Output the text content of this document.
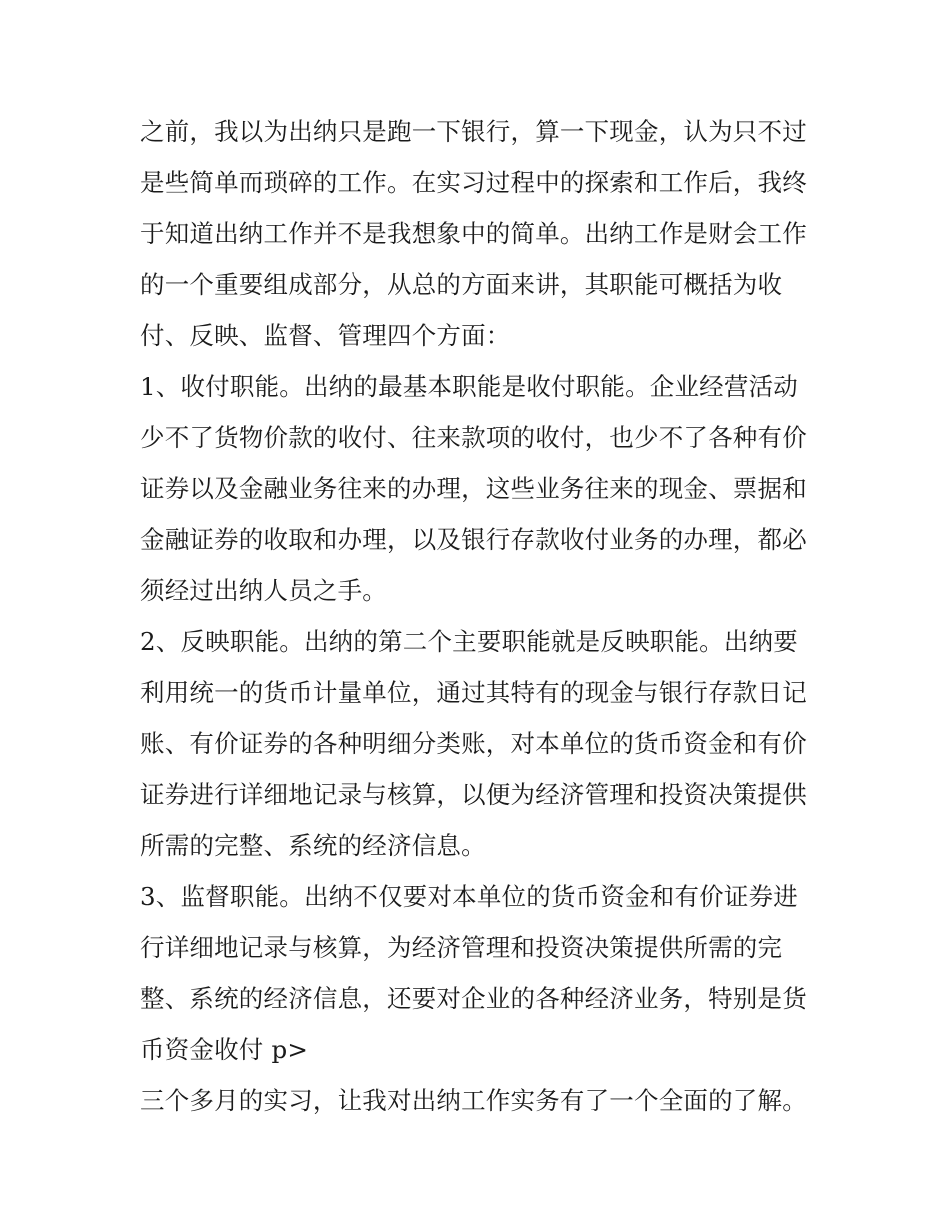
之前，我以为出纳只是跑一下银行，算一下现金，认为只不过
是些简单而琐碎的工作。在实习过程中的探索和工作后，我终
于知道出纳工作并不是我想象中的简单。出纳工作是财会工作
的一个重要组成部分，从总的方面来讲，其职能可概括为收
付、反映、监督、管理四个方面：
1、收付职能。出纳的最基本职能是收付职能。企业经营活动
少不了货物价款的收付、往来款项的收付，也少不了各种有价
证券以及金融业务往来的办理，这些业务往来的现金、票据和
金融证券的收取和办理，以及银行存款收付业务的办理，都必
须经过出纳人员之手。
2、反映职能。出纳的第二个主要职能就是反映职能。出纳要
利用统一的货币计量单位，通过其特有的现金与银行存款日记
账、有价证券的各种明细分类账，对本单位的货币资金和有价
证券进行详细地记录与核算，以便为经济管理和投资决策提供
所需的完整、系统的经济信息。
3、监督职能。出纳不仅要对本单位的货币资金和有价证券进
行详细地记录与核算，为经济管理和投资决策提供所需的完
整、系统的经济信息，还要对企业的各种经济业务，特别是货
币资金收付 p>
三个多月的实习，让我对出纳工作实务有了一个全面的了解。
